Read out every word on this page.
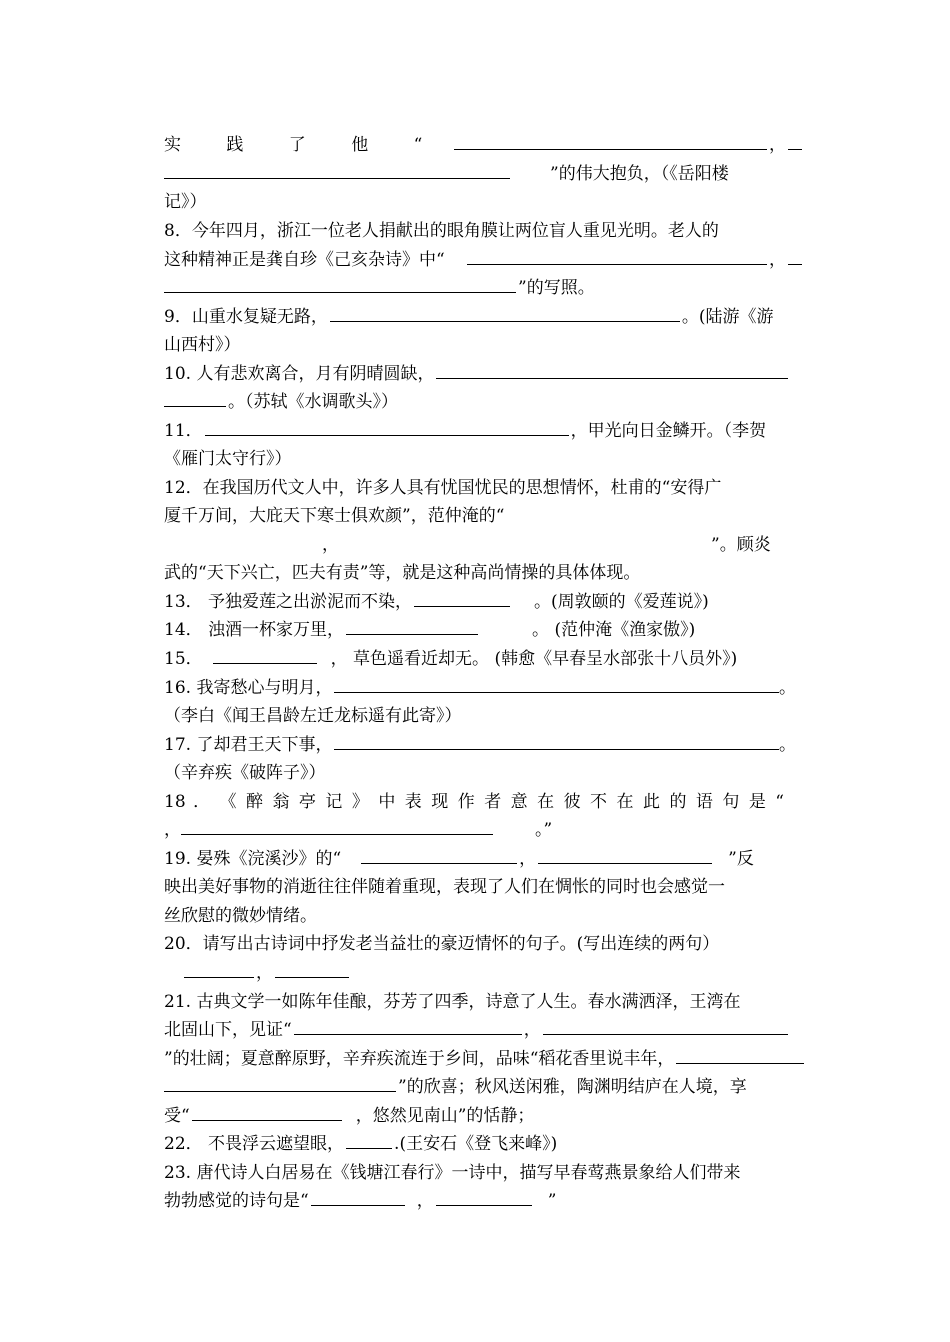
实 践 了 他 “	，
”的伟大抱负，（《岳阳楼
记》）
8．今年四月，浙江一位老人捐献出的眼角膜让两位盲人重见光明。老人的
这种精神正是龚自珍《己亥杂诗》中“	，
”的写照。
9．山重水复疑无路，	。(陆游《游
山西村》）
10. 人有悲欢离合，月有阴晴圆缺，
。（苏轼《水调歌头》）
11．	，甲光向日金鳞开。（李贺
《雁门太守行》）
12．在我国历代文人中，许多人具有忧国忧民的思想情怀，杜甫的“安得广
厦千万间，大庇天下寒士俱欢颜”，范仲淹的“
，	”。顾炎
武的“天下兴亡，匹夫有责”等，就是这种高尚情操的具体体现。
13． 予独爱莲之出淤泥而不染，	。(周敦颐的《爱莲说》)
14． 浊酒一杯家万里，	。 (范仲淹《渔家傲》)
15．	， 草色遥看近却无。 (韩愈《早春呈水部张十八员外》)
16. 我寄愁心与明月，	。
（李白《闻王昌龄左迁龙标遥有此寄》）
17. 了却君王天下事，	。
（辛弃疾《破阵子》）
18 ． 《 醉 翁 亭 记 》 中 表 现 作 者 意 在 彼 不 在 此 的 语 句 是 “
，	。”
19. 晏殊《浣溪沙》的“	，	”反
映出美好事物的消逝往往伴随着重现，表现了人们在惆怅的同时也会感觉一
丝欣慰的微妙情绪。
20．请写出古诗词中抒发老当益壮的豪迈情怀的句子。(写出连续的两句）
，
21. 古典文学一如陈年佳酿，芬芳了四季，诗意了人生。春水满洒泽，王湾在
北固山下，见证“	，
”的壮阔；夏意醉原野，辛弃疾流连于乡间，品味“稻花香里说丰年，
”的欣喜；秋风送闲雅，陶渊明结庐在人境，享
受“	，悠然见南山”的恬静；
22． 不畏浮云遮望眼，	.(王安石《登飞来峰》)
23. 唐代诗人白居易在《钱塘江春行》一诗中，描写早春莺燕景象给人们带来
勃勃感觉的诗句是“	，	”
